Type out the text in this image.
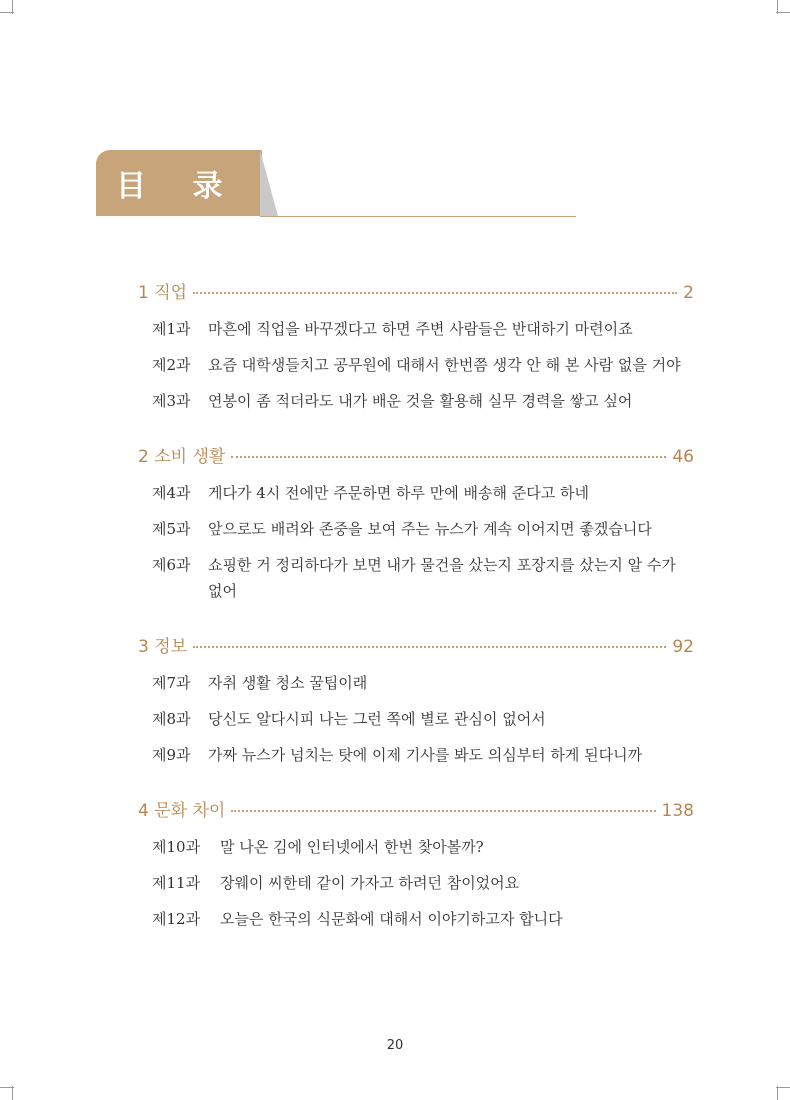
目 录
1 직업	2
제1과	마흔에 직업을 바꾸겠다고 하면 주변 사람들은 반대하기 마련이죠
제2과	요즘 대학생들치고 공무원에 대해서 한번쯤 생각 안 해 본 사람 없을 거야
제3과	연봉이 좀 적더라도 내가 배운 것을 활용해 실무 경력을 쌓고 싶어
2 소비 생활	46
제4과	게다가 4시 전에만 주문하면 하루 만에 배송해 준다고 하네
제5과	앞으로도 배려와 존중을 보여 주는 뉴스가 계속 이어지면 좋겠습니다
제6과	쇼핑한 거 정리하다가 보면 내가 물건을 샀는지 포장지를 샀는지 알 수가 없어
3 정보	92
제7과	자취 생활 청소 꿀팁이래
제8과	당신도 알다시피 나는 그런 쪽에 별로 관심이 없어서
제9과	가짜 뉴스가 넘치는 탓에 이제 기사를 봐도 의심부터 하게 된다니까
4 문화 차이	138
제10과	말 나온 김에 인터넷에서 한번 찾아볼까?
제11과	장웨이 씨한테 같이 가자고 하려던 참이었어요
제12과	오늘은 한국의 식문화에 대해서 이야기하고자 합니다
20
